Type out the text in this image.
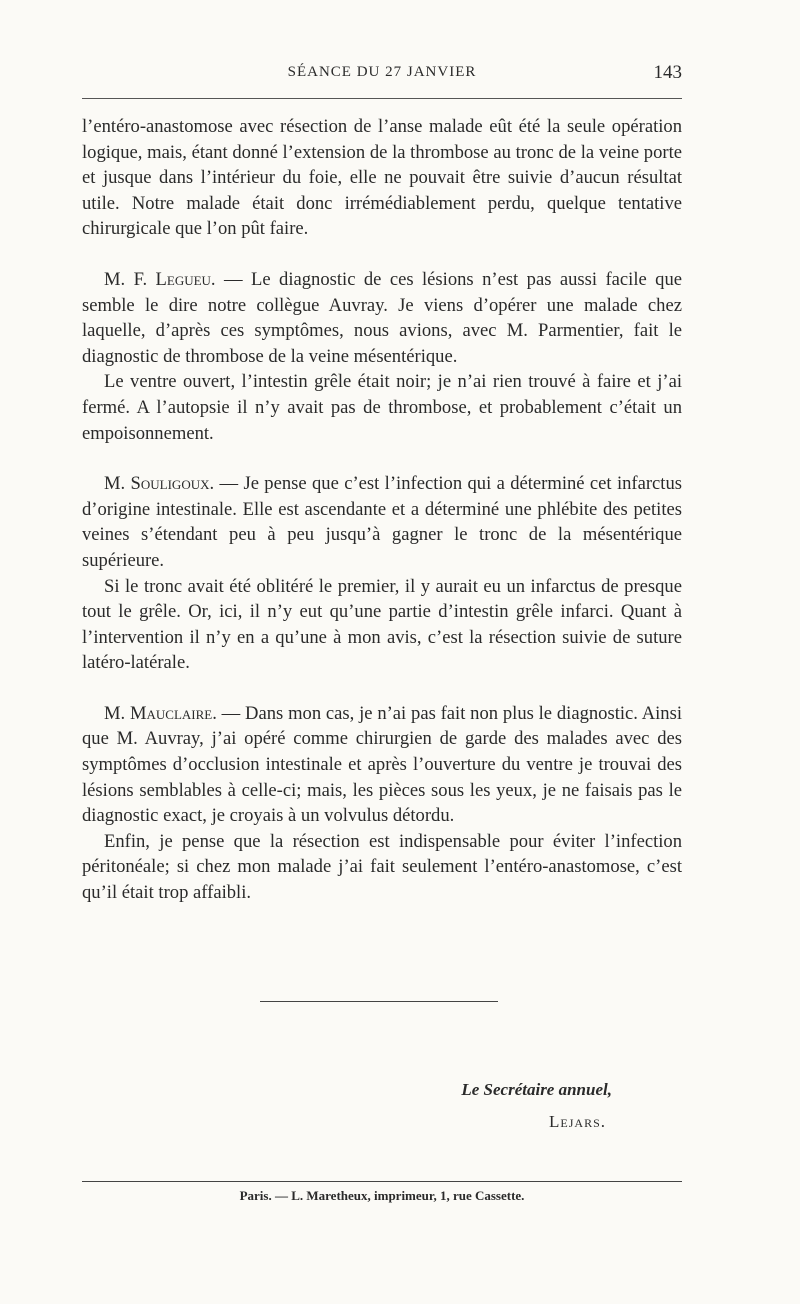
SÉANCE DU 27 JANVIER	143

l’entéro-anastomose avec résection de l’anse malade eût été la seule opération logique, mais, étant donné l’extension de la thrombose au tronc de la veine porte et jusque dans l’intérieur du foie, elle ne pouvait être suivie d’aucun résultat utile. Notre malade était donc irrémédiablement perdu, quelque tentative chirurgicale que l’on pût faire.

M. F. Legueu. — Le diagnostic de ces lésions n’est pas aussi facile que semble le dire notre collègue Auvray. Je viens d’opérer une malade chez laquelle, d’après ces symptômes, nous avions, avec M. Parmentier, fait le diagnostic de thrombose de la veine mésentérique.

Le ventre ouvert, l’intestin grêle était noir; je n’ai rien trouvé à faire et j’ai fermé. A l’autopsie il n’y avait pas de thrombose, et probablement c’était un empoisonnement.

M. Souligoux. — Je pense que c’est l’infection qui a déterminé cet infarctus d’origine intestinale. Elle est ascendante et a déterminé une phlébite des petites veines s’étendant peu à peu jusqu’à gagner le tronc de la mésentérique supérieure.

Si le tronc avait été oblitéré le premier, il y aurait eu un infarctus de presque tout le grêle. Or, ici, il n’y eut qu’une partie d’intestin grêle infarci. Quant à l’intervention il n’y en a qu’une à mon avis, c’est la résection suivie de suture latéro-latérale.

M. Mauclaire. — Dans mon cas, je n’ai pas fait non plus le diagnostic. Ainsi que M. Auvray, j’ai opéré comme chirurgien de garde des malades avec des symptômes d’occlusion intestinale et après l’ouverture du ventre je trouvai des lésions semblables à celle-ci; mais, les pièces sous les yeux, je ne faisais pas le diagnostic exact, je croyais à un volvulus détordu.

Enfin, je pense que la résection est indispensable pour éviter l’infection péritonéale; si chez mon malade j’ai fait seulement l’entéro-anastomose, c’est qu’il était trop affaibli.

Le Secrétaire annuel,
Lejars.
Paris. — L. Maretheux, imprimeur, 1, rue Cassette.
